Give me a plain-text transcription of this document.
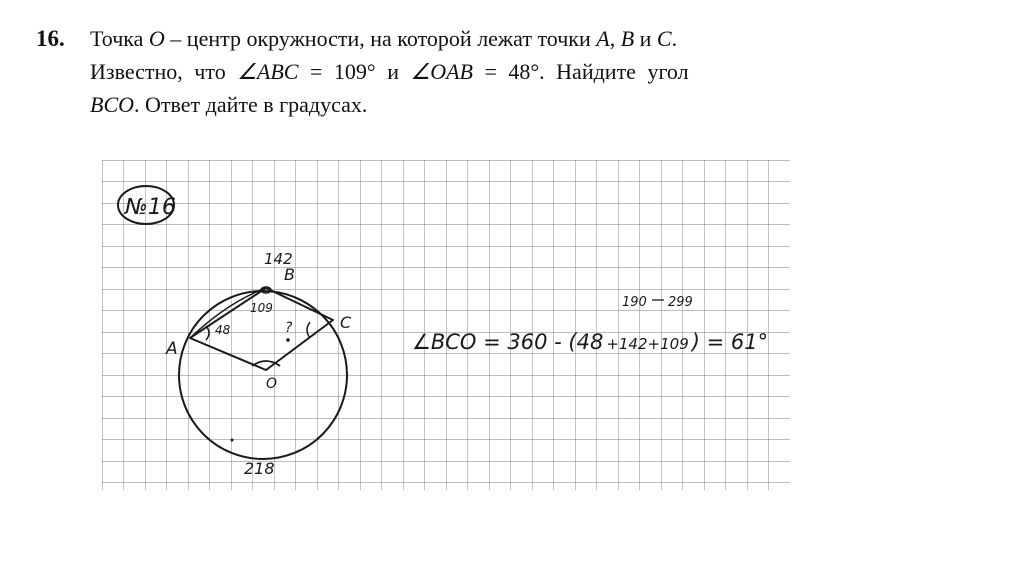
16. Точка O – центр окружности, на которой лежат точки A, B и C.
Известно, что ∠ABC = 109° и ∠OAB = 48°. Найдите угол
BCO. Ответ дайте в градусах.
№16
142
B
A
C
O
109
48	?
218
190 299
∠BCO = 360 - (48 +142+109 ) = 61°
